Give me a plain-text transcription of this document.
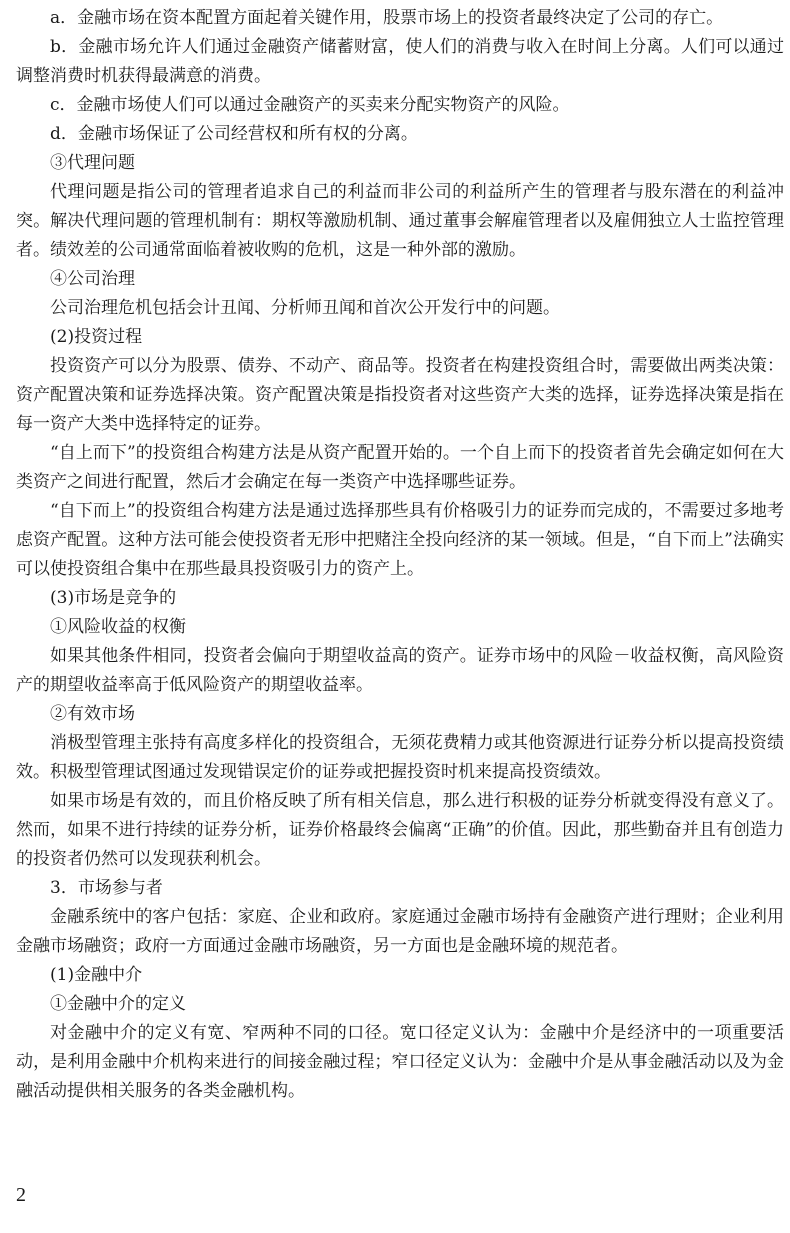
a．金融市场在资本配置方面起着关键作用，股票市场上的投资者最终决定了公司的存亡。

b．金融市场允许人们通过金融资产储蓄财富，使人们的消费与收入在时间上分离。人们可以通过调整消费时机获得最满意的消费。

c．金融市场使人们可以通过金融资产的买卖来分配实物资产的风险。

d．金融市场保证了公司经营权和所有权的分离。

③代理问题

代理问题是指公司的管理者追求自己的利益而非公司的利益所产生的管理者与股东潜在的利益冲突。解决代理问题的管理机制有：期权等激励机制、通过董事会解雇管理者以及雇佣独立人士监控管理者。绩效差的公司通常面临着被收购的危机，这是一种外部的激励。

④公司治理

公司治理危机包括会计丑闻、分析师丑闻和首次公开发行中的问题。

(2)投资过程

投资资产可以分为股票、债券、不动产、商品等。投资者在构建投资组合时，需要做出两类决策：资产配置决策和证券选择决策。资产配置决策是指投资者对这些资产大类的选择，证券选择决策是指在每一资产大类中选择特定的证券。

“自上而下”的投资组合构建方法是从资产配置开始的。一个自上而下的投资者首先会确定如何在大类资产之间进行配置，然后才会确定在每一类资产中选择哪些证券。

“自下而上”的投资组合构建方法是通过选择那些具有价格吸引力的证券而完成的，不需要过多地考虑资产配置。这种方法可能会使投资者无形中把赌注全投向经济的某一领域。但是，“自下而上”法确实可以使投资组合集中在那些最具投资吸引力的资产上。

(3)市场是竞争的

①风险收益的权衡

如果其他条件相同，投资者会偏向于期望收益高的资产。证券市场中的风险－收益权衡，高风险资产的期望收益率高于低风险资产的期望收益率。

②有效市场

消极型管理主张持有高度多样化的投资组合，无须花费精力或其他资源进行证券分析以提高投资绩效。积极型管理试图通过发现错误定价的证券或把握投资时机来提高投资绩效。

如果市场是有效的，而且价格反映了所有相关信息，那么进行积极的证券分析就变得没有意义了。然而，如果不进行持续的证券分析，证券价格最终会偏离“正确”的价值。因此，那些勤奋并且有创造力的投资者仍然可以发现获利机会。

3．市场参与者

金融系统中的客户包括：家庭、企业和政府。家庭通过金融市场持有金融资产进行理财；企业利用金融市场融资；政府一方面通过金融市场融资，另一方面也是金融环境的规范者。

(1)金融中介

①金融中介的定义

对金融中介的定义有宽、窄两种不同的口径。宽口径定义认为：金融中介是经济中的一项重要活动，是利用金融中介机构来进行的间接金融过程；窄口径定义认为：金融中介是从事金融活动以及为金融活动提供相关服务的各类金融机构。

2
